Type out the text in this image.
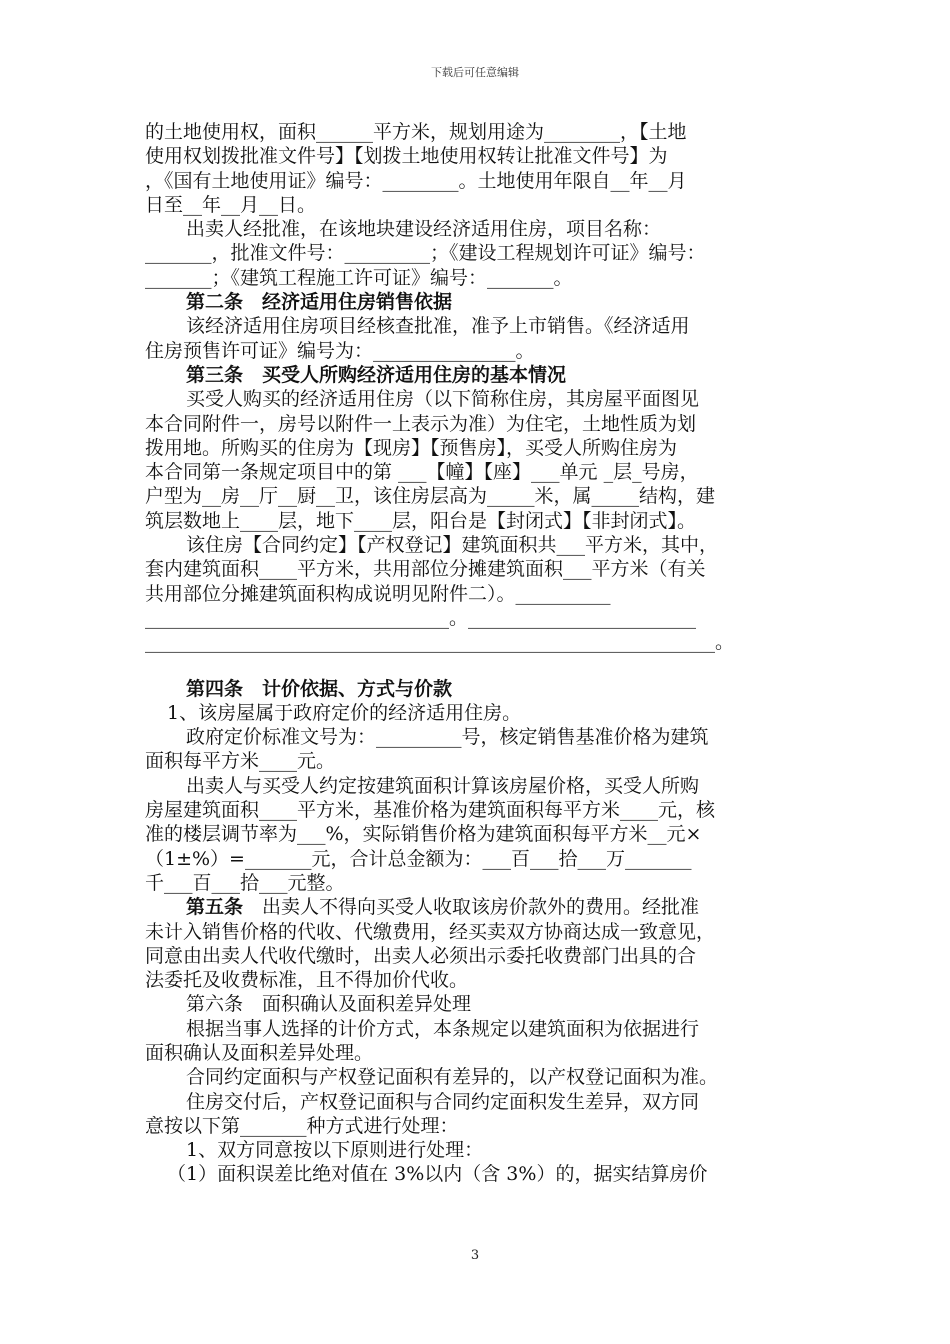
下载后可任意编辑
的土地使用权，面积______平方米，规划用途为________，【土地
使用权划拨批准文件号】【划拨土地使用权转让批准文件号】为
，《国有土地使用证》编号：________。土地使用年限自__年__月
日至__年__月__日。
出卖人经批准，在该地块建设经济适用住房，项目名称：
_______，批准文件号：_________；《建设工程规划许可证》编号：
_______；《建筑工程施工许可证》编号：_______。
第二条　经济适用住房销售依据
该经济适用住房项目经核查批准，准予上市销售。《经济适用
住房预售许可证》编号为：_______________。
第三条　买受人所购经济适用住房的基本情况
买受人购买的经济适用住房（以下简称住房，其房屋平面图见
本合同附件一，房号以附件一上表示为准）为住宅，土地性质为划
拨用地。所购买的住房为【现房】【预售房】，买受人所购住房为
本合同第一条规定项目中的第 ___【幢】【座】___单元 _层_号房，
户型为__房__厅__厨__卫，该住房层高为_____米，属_____结构，建
筑层数地上____层，地下____层，阳台是【封闭式】【非封闭式】。
该住房【合同约定】【产权登记】建筑面积共___平方米，其中，
套内建筑面积____平方米，共用部位分摊建筑面积___平方米（有关
共用部位分摊建筑面积构成说明见附件二）。__________
________________________________。________________________
____________________________________________________________。
第四条　计价依据、方式与价款
1、该房屋属于政府定价的经济适用住房。
政府定价标准文号为：_________号，核定销售基准价格为建筑
面积每平方米____元。
出卖人与买受人约定按建筑面积计算该房屋价格，买受人所购
房屋建筑面积____平方米，基准价格为建筑面积每平方米____元，核
准的楼层调节率为___%，实际销售价格为建筑面积每平方米__元×
（1±%）=_______元，合计总金额为：___百___拾___万_______
千___百___拾___元整。
第五条　出卖人不得向买受人收取该房价款外的费用。经批准
未计入销售价格的代收、代缴费用，经买卖双方协商达成一致意见，
同意由出卖人代收代缴时，出卖人必须出示委托收费部门出具的合
法委托及收费标准，且不得加价代收。
第六条　面积确认及面积差异处理
根据当事人选择的计价方式，本条规定以建筑面积为依据进行
面积确认及面积差异处理。
合同约定面积与产权登记面积有差异的，以产权登记面积为准。
住房交付后，产权登记面积与合同约定面积发生差异，双方同
意按以下第_______种方式进行处理：
1、双方同意按以下原则进行处理：
（1）面积误差比绝对值在 3%以内（含 3%）的，据实结算房价
3
